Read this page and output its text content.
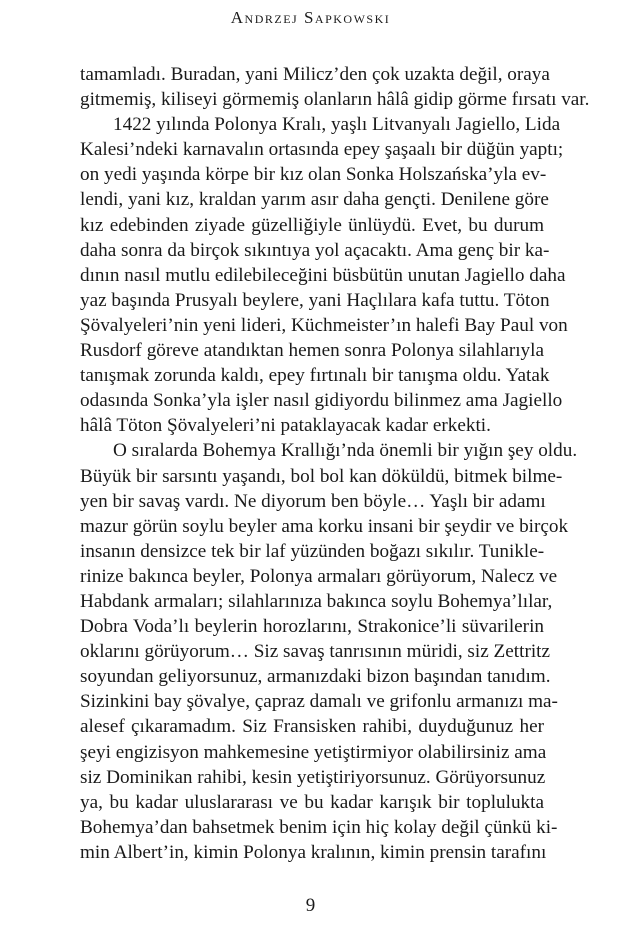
Andrzej Sapkowski
tamamladı. Buradan, yani Milicz’den çok uzakta değil, oraya
gitmemiş, kiliseyi görmemiş olanların hâlâ gidip görme fırsatı var.
1422 yılında Polonya Kralı, yaşlı Litvanyalı Jagiello, Lida
Kalesi’ndeki karnavalın ortasında epey şaşaalı bir düğün yaptı;
on yedi yaşında körpe bir kız olan Sonka Holszańska’yla ev-
lendi, yani kız, kraldan yarım asır daha gençti. Denilene göre
kız edebinden ziyade güzelliğiyle ünlüydü. Evet, bu durum
daha sonra da birçok sıkıntıya yol açacaktı. Ama genç bir ka-
dının nasıl mutlu edilebileceğini büsbütün unutan Jagiello daha
yaz başında Prusyalı beylere, yani Haçlılara kafa tuttu. Töton
Şövalyeleri’nin yeni lideri, Küchmeister’ın halefi Bay Paul von
Rusdorf göreve atandıktan hemen sonra Polonya silahlarıyla
tanışmak zorunda kaldı, epey fırtınalı bir tanışma oldu. Yatak
odasında Sonka’yla işler nasıl gidiyordu bilinmez ama Jagiello
hâlâ Töton Şövalyeleri’ni pataklayacak kadar erkekti.
O sıralarda Bohemya Krallığı’nda önemli bir yığın şey oldu.
Büyük bir sarsıntı yaşandı, bol bol kan döküldü, bitmek bilme-
yen bir savaş vardı. Ne diyorum ben böyle… Yaşlı bir adamı
mazur görün soylu beyler ama korku insani bir şeydir ve birçok
insanın densizce tek bir laf yüzünden boğazı sıkılır. Tunikle-
rinize bakınca beyler, Polonya armaları görüyorum, Nalecz ve
Habdank armaları; silahlarınıza bakınca soylu Bohemya’lılar,
Dobra Voda’lı beylerin horozlarını, Strakonice’li süvarilerin
oklarını görüyorum… Siz savaş tanrısının müridi, siz Zettritz
soyundan geliyorsunuz, armanızdaki bizon başından tanıdım.
Sizinkini bay şövalye, çapraz damalı ve grifonlu armanızı ma-
alesef çıkaramadım. Siz Fransisken rahibi, duyduğunuz her
şeyi engizisyon mahkemesine yetiştirmiyor olabilirsiniz ama
siz Dominikan rahibi, kesin yetiştiriyorsunuz. Görüyorsunuz
ya, bu kadar uluslararası ve bu kadar karışık bir toplulukta
Bohemya’dan bahsetmek benim için hiç kolay değil çünkü ki-
min Albert’in, kimin Polonya kralının, kimin prensin tarafını
9
